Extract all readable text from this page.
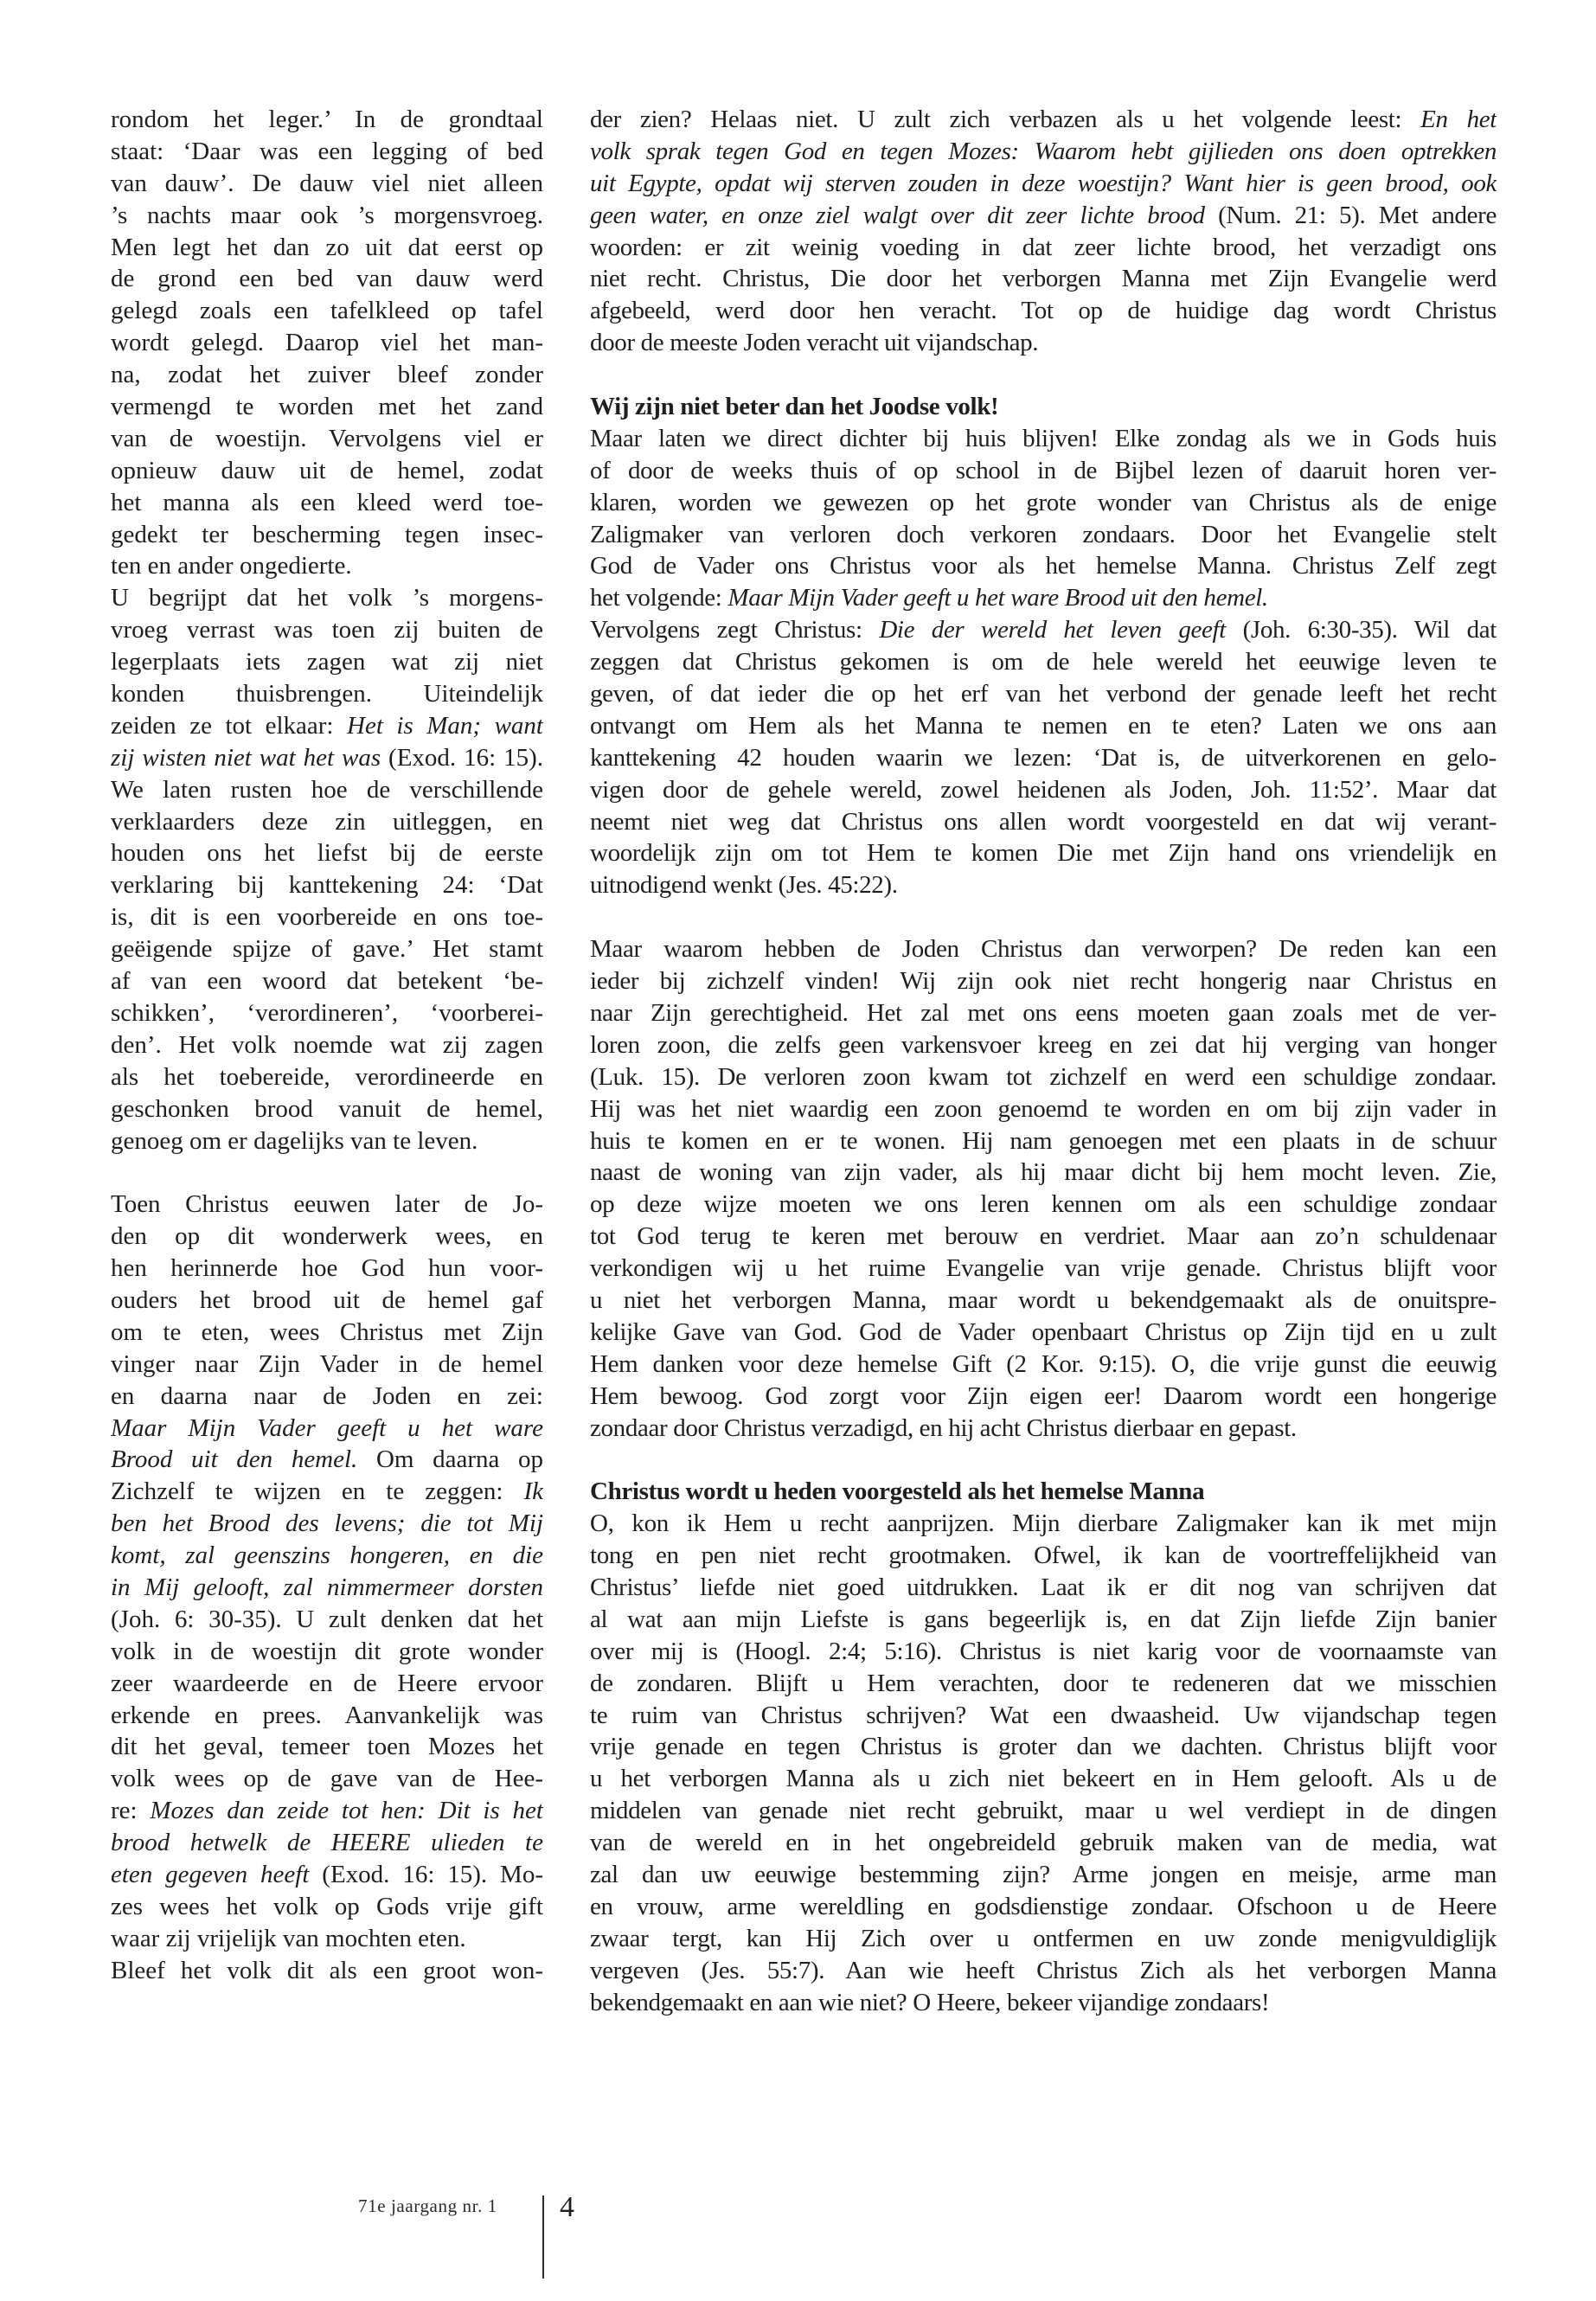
rondom het leger.’ In de grondtaal
staat: ‘Daar was een legging of bed
van dauw’. De dauw viel niet alleen
’s nachts maar ook ’s morgensvroeg.
Men legt het dan zo uit dat eerst op
de grond een bed van dauw werd
gelegd zoals een tafelkleed op tafel
wordt gelegd. Daarop viel het man-
na, zodat het zuiver bleef zonder
vermengd te worden met het zand
van de woestijn. Vervolgens viel er
opnieuw dauw uit de hemel, zodat
het manna als een kleed werd toe-
gedekt ter bescherming tegen insec-
ten en ander ongedierte.
U begrijpt dat het volk ’s morgens-
vroeg verrast was toen zij buiten de
legerplaats iets zagen wat zij niet
konden thuisbrengen. Uiteindelijk
zeiden ze tot elkaar: Het is Man; want
zij wisten niet wat het was (Exod. 16: 15).
We laten rusten hoe de verschillende
verklaarders deze zin uitleggen, en
houden ons het liefst bij de eerste
verklaring bij kanttekening 24: ‘Dat
is, dit is een voorbereide en ons toe-
geëigende spijze of gave.’ Het stamt
af van een woord dat betekent ‘be-
schikken’, ‘verordineren’, ‘voorberei-
den’. Het volk noemde wat zij zagen
als het toebereide, verordineerde en
geschonken brood vanuit de hemel,
genoeg om er dagelijks van te leven.
Toen Christus eeuwen later de Jo-
den op dit wonderwerk wees, en
hen herinnerde hoe God hun voor-
ouders het brood uit de hemel gaf
om te eten, wees Christus met Zijn
vinger naar Zijn Vader in de hemel
en daarna naar de Joden en zei:
Maar Mijn Vader geeft u het ware
Brood uit den hemel. Om daarna op
Zichzelf te wijzen en te zeggen: Ik
ben het Brood des levens; die tot Mij
komt, zal geenszins hongeren, en die
in Mij gelooft, zal nimmermeer dorsten
(Joh. 6: 30-35). U zult denken dat het
volk in de woestijn dit grote wonder
zeer waardeerde en de Heere ervoor
erkende en prees. Aanvankelijk was
dit het geval, temeer toen Mozes het
volk wees op de gave van de Hee-
re: Mozes dan zeide tot hen: Dit is het
brood hetwelk de HEERE ulieden te
eten gegeven heeft (Exod. 16: 15). Mo-
zes wees het volk op Gods vrije gift
waar zij vrijelijk van mochten eten.
Bleef het volk dit als een groot won-
der zien? Helaas niet. U zult zich verbazen als u het volgende leest: En het
volk sprak tegen God en tegen Mozes: Waarom hebt gijlieden ons doen optrekken
uit Egypte, opdat wij sterven zouden in deze woestijn? Want hier is geen brood, ook
geen water, en onze ziel walgt over dit zeer lichte brood (Num. 21: 5). Met andere
woorden: er zit weinig voeding in dat zeer lichte brood, het verzadigt ons
niet recht. Christus, Die door het verborgen Manna met Zijn Evangelie werd
afgebeeld, werd door hen veracht. Tot op de huidige dag wordt Christus
door de meeste Joden veracht uit vijandschap.
Wij zijn niet beter dan het Joodse volk!
Maar laten we direct dichter bij huis blijven! Elke zondag als we in Gods huis
of door de weeks thuis of op school in de Bijbel lezen of daaruit horen ver-
klaren, worden we gewezen op het grote wonder van Christus als de enige
Zaligmaker van verloren doch verkoren zondaars. Door het Evangelie stelt
God de Vader ons Christus voor als het hemelse Manna. Christus Zelf zegt
het volgende: Maar Mijn Vader geeft u het ware Brood uit den hemel.
Vervolgens zegt Christus: Die der wereld het leven geeft (Joh. 6:30-35). Wil dat
zeggen dat Christus gekomen is om de hele wereld het eeuwige leven te
geven, of dat ieder die op het erf van het verbond der genade leeft het recht
ontvangt om Hem als het Manna te nemen en te eten? Laten we ons aan
kanttekening 42 houden waarin we lezen: ‘Dat is, de uitverkorenen en gelo-
vigen door de gehele wereld, zowel heidenen als Joden, Joh. 11:52’. Maar dat
neemt niet weg dat Christus ons allen wordt voorgesteld en dat wij verant-
woordelijk zijn om tot Hem te komen Die met Zijn hand ons vriendelijk en
uitnodigend wenkt (Jes. 45:22).
Maar waarom hebben de Joden Christus dan verworpen? De reden kan een
ieder bij zichzelf vinden! Wij zijn ook niet recht hongerig naar Christus en
naar Zijn gerechtigheid. Het zal met ons eens moeten gaan zoals met de ver-
loren zoon, die zelfs geen varkensvoer kreeg en zei dat hij verging van honger
(Luk. 15). De verloren zoon kwam tot zichzelf en werd een schuldige zondaar.
Hij was het niet waardig een zoon genoemd te worden en om bij zijn vader in
huis te komen en er te wonen. Hij nam genoegen met een plaats in de schuur
naast de woning van zijn vader, als hij maar dicht bij hem mocht leven. Zie,
op deze wijze moeten we ons leren kennen om als een schuldige zondaar
tot God terug te keren met berouw en verdriet. Maar aan zo’n schuldenaar
verkondigen wij u het ruime Evangelie van vrije genade. Christus blijft voor
u niet het verborgen Manna, maar wordt u bekendgemaakt als de onuitspre-
kelijke Gave van God. God de Vader openbaart Christus op Zijn tijd en u zult
Hem danken voor deze hemelse Gift (2 Kor. 9:15). O, die vrije gunst die eeuwig
Hem bewoog. God zorgt voor Zijn eigen eer! Daarom wordt een hongerige
zondaar door Christus verzadigd, en hij acht Christus dierbaar en gepast.
Christus wordt u heden voorgesteld als het hemelse Manna
O, kon ik Hem u recht aanprijzen. Mijn dierbare Zaligmaker kan ik met mijn
tong en pen niet recht grootmaken. Ofwel, ik kan de voortreffelijkheid van
Christus’ liefde niet goed uitdrukken. Laat ik er dit nog van schrijven dat
al wat aan mijn Liefste is gans begeerlijk is, en dat Zijn liefde Zijn banier
over mij is (Hoogl. 2:4; 5:16). Christus is niet karig voor de voornaamste van
de zondaren. Blijft u Hem verachten, door te redeneren dat we misschien
te ruim van Christus schrijven? Wat een dwaasheid. Uw vijandschap tegen
vrije genade en tegen Christus is groter dan we dachten. Christus blijft voor
u het verborgen Manna als u zich niet bekeert en in Hem gelooft. Als u de
middelen van genade niet recht gebruikt, maar u wel verdiept in de dingen
van de wereld en in het ongebreideld gebruik maken van de media, wat
zal dan uw eeuwige bestemming zijn? Arme jongen en meisje, arme man
en vrouw, arme wereldling en godsdienstige zondaar. Ofschoon u de Heere
zwaar tergt, kan Hij Zich over u ontfermen en uw zonde menigvuldiglijk
vergeven (Jes. 55:7). Aan wie heeft Christus Zich als het verborgen Manna
bekendgemaakt en aan wie niet? O Heere, bekeer vijandige zondaars!
71e jaargang nr. 1 4
